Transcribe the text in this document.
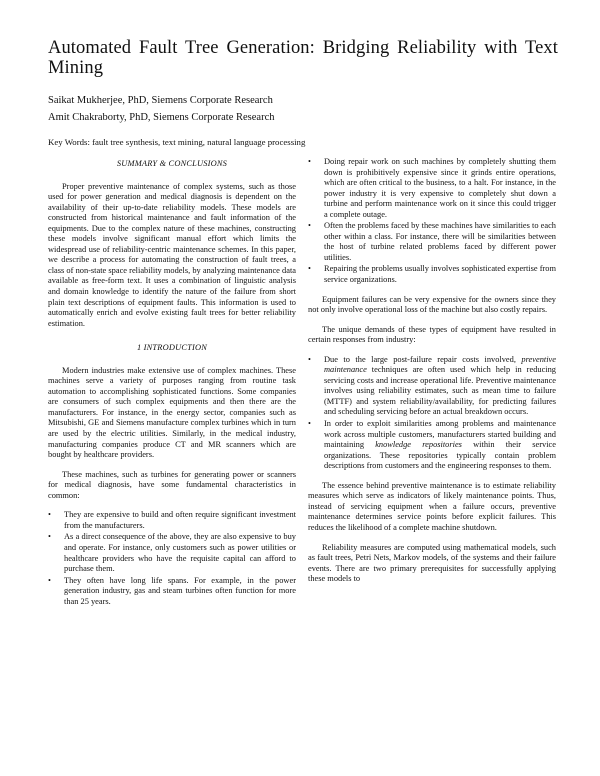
Automated Fault Tree Generation: Bridging Reliability with Text Mining
Saikat Mukherjee, PhD, Siemens Corporate Research
Amit Chakraborty, PhD, Siemens Corporate Research
Key Words: fault tree synthesis, text mining, natural language processing
SUMMARY & CONCLUSIONS

Proper preventive maintenance of complex systems, such as those used for power generation and medical diagnosis is dependent on the availability of their up-to-date reliability models. These models are constructed from historical maintenance and fault information of the equipments. Due to the complex nature of these machines, constructing these models involve significant manual effort which limits the widespread use of reliability-centric maintenance schemes. In this paper, we describe a process for automating the construction of fault trees, a class of non-state space reliability models, by analyzing maintenance data available as free-form text. It uses a combination of linguistic analysis and domain knowledge to identify the nature of the failure from short plain text descriptions of equipment faults. This information is used to automatically enrich and evolve existing fault trees for better reliability estimation.

1 INTRODUCTION

Modern industries make extensive use of complex machines. These machines serve a variety of purposes ranging from routine task automation to accomplishing sophisticated functions. Some companies are consumers of such complex equipments and then there are the manufacturers. For instance, in the energy sector, companies such as Mitsubishi, GE and Siemens manufacture complex turbines which in turn are used by the electric utilities. Similarly, in the medical industry, manufacturing companies produce CT and MR scanners which are bought by healthcare providers.

These machines, such as turbines for generating power or scanners for medical diagnosis, have some fundamental characteristics in common:

•	They are expensive to build and often require significant investment from the manufacturers.
•	As a direct consequence of the above, they are also expensive to buy and operate. For instance, only customers such as power utilities or healthcare providers who have the requisite capital can afford to purchase them.
•	They often have long life spans. For example, in the power generation industry, gas and steam turbines often function for more than 25 years.
•	Doing repair work on such machines by completely shutting them down is prohibitively expensive since it grinds entire operations, which are often critical to the business, to a halt. For instance, in the power industry it is very expensive to completely shut down a turbine and perform maintenance work on it since this could trigger a complete outage.
•	Often the problems faced by these machines have similarities to each other within a class. For instance, there will be similarities between the host of turbine related problems faced by different power utilities.
•	Repairing the problems usually involves sophisticated expertise from service organizations.

Equipment failures can be very expensive for the owners since they not only involve operational loss of the machine but also costly repairs.

The unique demands of these types of equipment have resulted in certain responses from industry:

•	Due to the large post-failure repair costs involved, preventive maintenance techniques are often used which help in reducing servicing costs and increase operational life. Preventive maintenance involves using reliability estimates, such as mean time to failure (MTTF) and system reliability/availability, for predicting failures and scheduling servicing before an actual breakdown occurs.
•	In order to exploit similarities among problems and maintenance work across multiple customers, manufacturers started building and maintaining knowledge repositories within their service organizations. These repositories typically contain problem descriptions from customers and the engineering responses to them.

The essence behind preventive maintenance is to estimate reliability measures which serve as indicators of likely maintenance points. Thus, instead of servicing equipment when a failure occurs, preventive maintenance determines service points before explicit failures. This reduces the likelihood of a complete machine shutdown.

Reliability measures are computed using mathematical models, such as fault trees, Petri Nets, Markov models, of the systems and their failure events. There are two primary prerequisites for successfully applying these models to
